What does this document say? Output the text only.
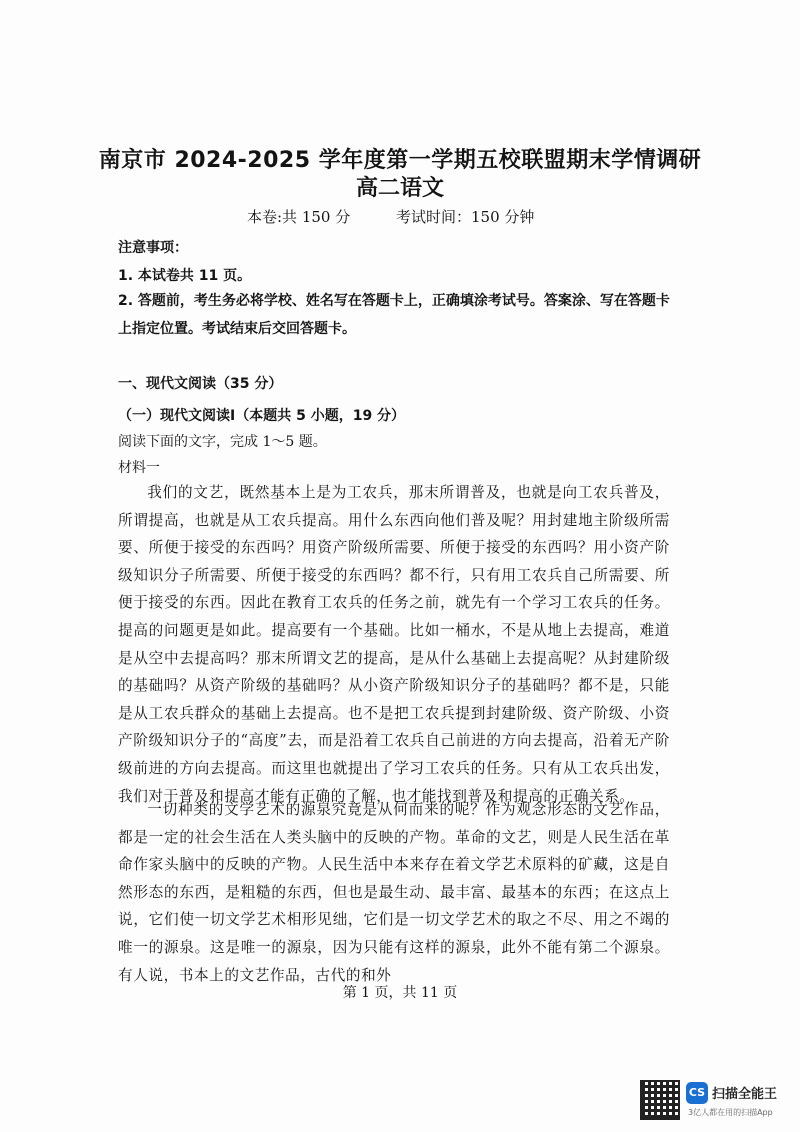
南京市 2024-2025 学年度第一学期五校联盟期末学情调研
高二语文
本卷:共 150 分	考试时间：150 分钟
注意事项：
1. 本试卷共 11 页。
2. 答题前，考生务必将学校、姓名写在答题卡上，正确填涂考试号。答案涂、写在答题卡上指定位置。考试结束后交回答题卡。
一、现代文阅读（35 分）
（一）现代文阅读Ⅰ（本题共 5 小题，19 分）
阅读下面的文字，完成 1～5 题。
材料一
我们的文艺，既然基本上是为工农兵，那末所谓普及，也就是向工农兵普及，所谓提高，也就是从工农兵提高。用什么东西向他们普及呢？用封建地主阶级所需要、所便于接受的东西吗？用资产阶级所需要、所便于接受的东西吗？用小资产阶级知识分子所需要、所便于接受的东西吗？都不行，只有用工农兵自己所需要、所便于接受的东西。因此在教育工农兵的任务之前，就先有一个学习工农兵的任务。提高的问题更是如此。提高要有一个基础。比如一桶水，不是从地上去提高，难道是从空中去提高吗？那末所谓文艺的提高，是从什么基础上去提高呢？从封建阶级的基础吗？从资产阶级的基础吗？从小资产阶级知识分子的基础吗？都不是，只能是从工农兵群众的基础上去提高。也不是把工农兵提到封建阶级、资产阶级、小资产阶级知识分子的“高度”去，而是沿着工农兵自己前进的方向去提高，沿着无产阶级前进的方向去提高。而这里也就提出了学习工农兵的任务。只有从工农兵出发，我们对于普及和提高才能有正确的了解，也才能找到普及和提高的正确关系。
一切种类的文学艺术的源泉究竟是从何而来的呢？作为观念形态的文艺作品，都是一定的社会生活在人类头脑中的反映的产物。革命的文艺，则是人民生活在革命作家头脑中的反映的产物。人民生活中本来存在着文学艺术原料的矿藏，这是自然形态的东西，是粗糙的东西，但也是最生动、最丰富、最基本的东西；在这点上说，它们使一切文学艺术相形见绌，它们是一切文学艺术的取之不尽、用之不竭的唯一的源泉。这是唯一的源泉，因为只能有这样的源泉，此外不能有第二个源泉。有人说，书本上的文艺作品，古代的和外
第 1 页，共 11 页
CS 扫描全能王
3亿人都在用的扫描App
